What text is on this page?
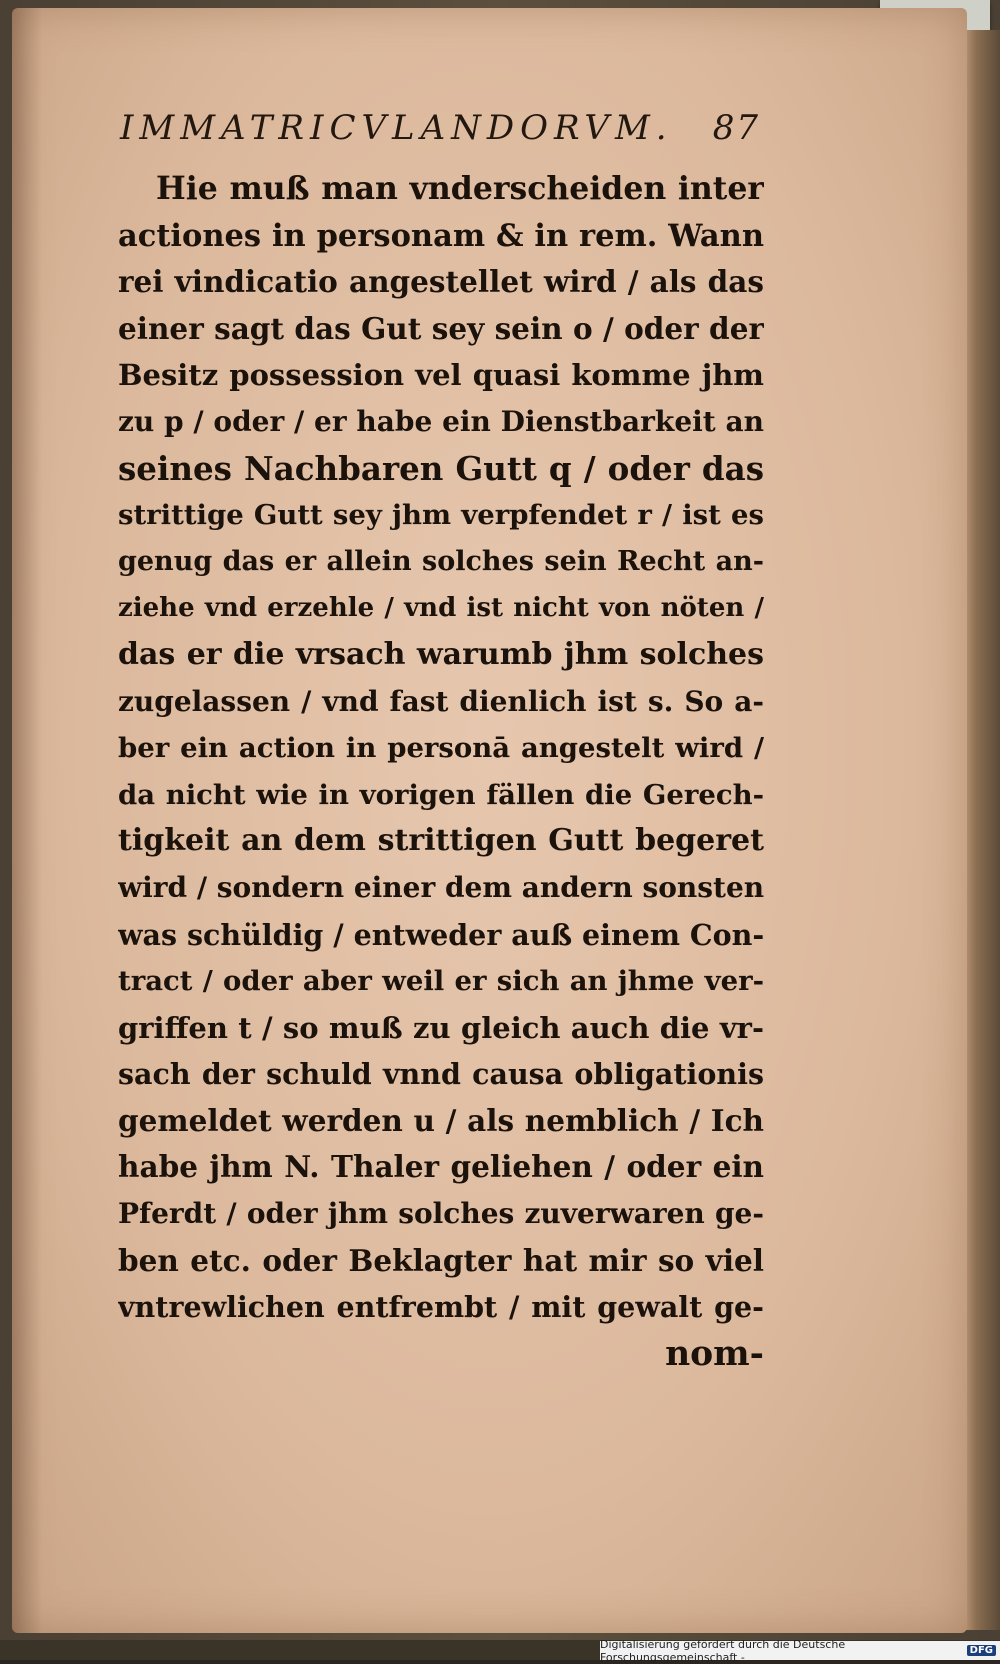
IMMATRICVLANDORVM. 87
Hie muß man vnderscheiden inter
actiones in personam & in rem. Wann
rei vindicatio angestellet wird / als das
einer sagt das Gut sey sein o / oder der
Besitz possession vel quasi komme jhm
zu p / oder / er habe ein Dienstbarkeit an
seines Nachbaren Gutt q / oder das
strittige Gutt sey jhm verpfendet r / ist es
genug das er allein solches sein Recht an-
ziehe vnd erzehle / vnd ist nicht von nöten /
das er die vrsach warumb jhm solches
zugelassen / vnd fast dienlich ist s. So a-
ber ein action in personā angestelt wird /
da nicht wie in vorigen fällen die Gerech-
tigkeit an dem strittigen Gutt begeret
wird / sondern einer dem andern sonsten
was schüldig / entweder auß einem Con-
tract / oder aber weil er sich an jhme ver-
griffen t / so muß zu gleich auch die vr-
sach der schuld vnnd causa obligationis
gemeldet werden u / als nemblich / Ich
habe jhm N. Thaler geliehen / oder ein
Pferdt / oder jhm solches zuverwaren ge-
ben etc. oder Beklagter hat mir so viel
vntrewlichen entfrembt / mit gewalt ge-
nom-
Digitalisierung gefördert durch die Deutsche Forschungsgemeinschaft -	DFG
